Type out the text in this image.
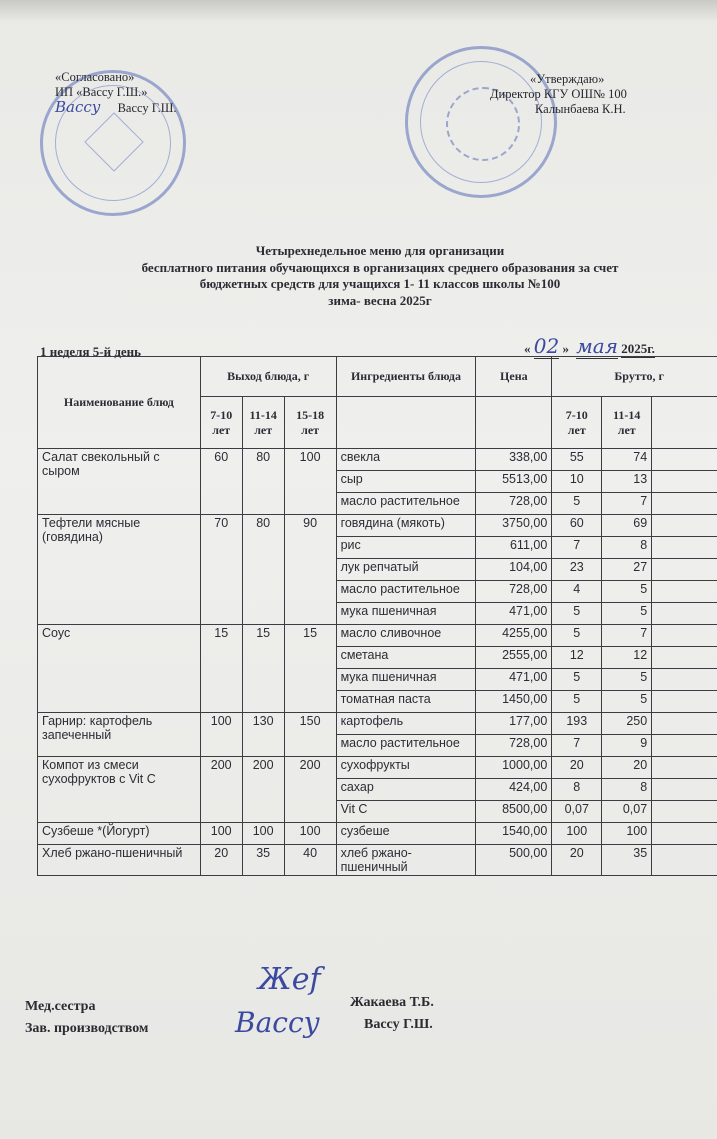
«Согласовано»
ИП «Вассу Г.Ш.»
Вассу Вассу Г.Ш.
«Утверждаю»
Директор КГУ ОШ№ 100
Калынбаева К.Н.
Четырехнедельное меню для организации
бесплатного питания обучающихся в организациях среднего образования за счет
бюджетных средств для учащихся 1- 11 классов школы №100
зима- весна 2025г
1 неделя 5-й день	« 02 » мая 2025г.
Наименование блюд	Выход блюда, г			Ингредиенты блюда	Цена	Брутто, г		
	7-10 лет	11-14 лет	15-18 лет			7-10 лет	11-14 лет	
Салат свекольный с сыром	60	80	100	свекла	338,00	55	74	
				сыр	5513,00	10	13	
				масло растительное	728,00	5	7	
Тефтели мясные (говядина)	70	80	90	говядина (мякоть)	3750,00	60	69	
				рис	611,00	7	8	
				лук репчатый	104,00	23	27	
				масло растительное	728,00	4	5	
				мука пшеничная	471,00	5	5	
Соус	15	15	15	масло сливочное	4255,00	5	7	
				сметана	2555,00	12	12	
				мука пшеничная	471,00	5	5	
				томатная паста	1450,00	5	5	
Гарнир: картофель запеченный	100	130	150	картофель	177,00	193	250	
				масло растительное	728,00	7	9	
Компот из смеси сухофруктов с Vit C	200	200	200	сухофрукты	1000,00	20	20	
				сахар	424,00	8	8	
				Vit C	8500,00	0,07	0,07	
Сузбеше *(Йогурт)	100	100	100	сузбеше	1540,00	100	100	
Хлеб ржано-пшеничный	20	35	40	хлеб ржано-пшеничный	500,00	20	35	
Мед.сестра
Зав. производством
Жакаева Т.Б.
Вассу Г.Ш.
Жef
Вассу
